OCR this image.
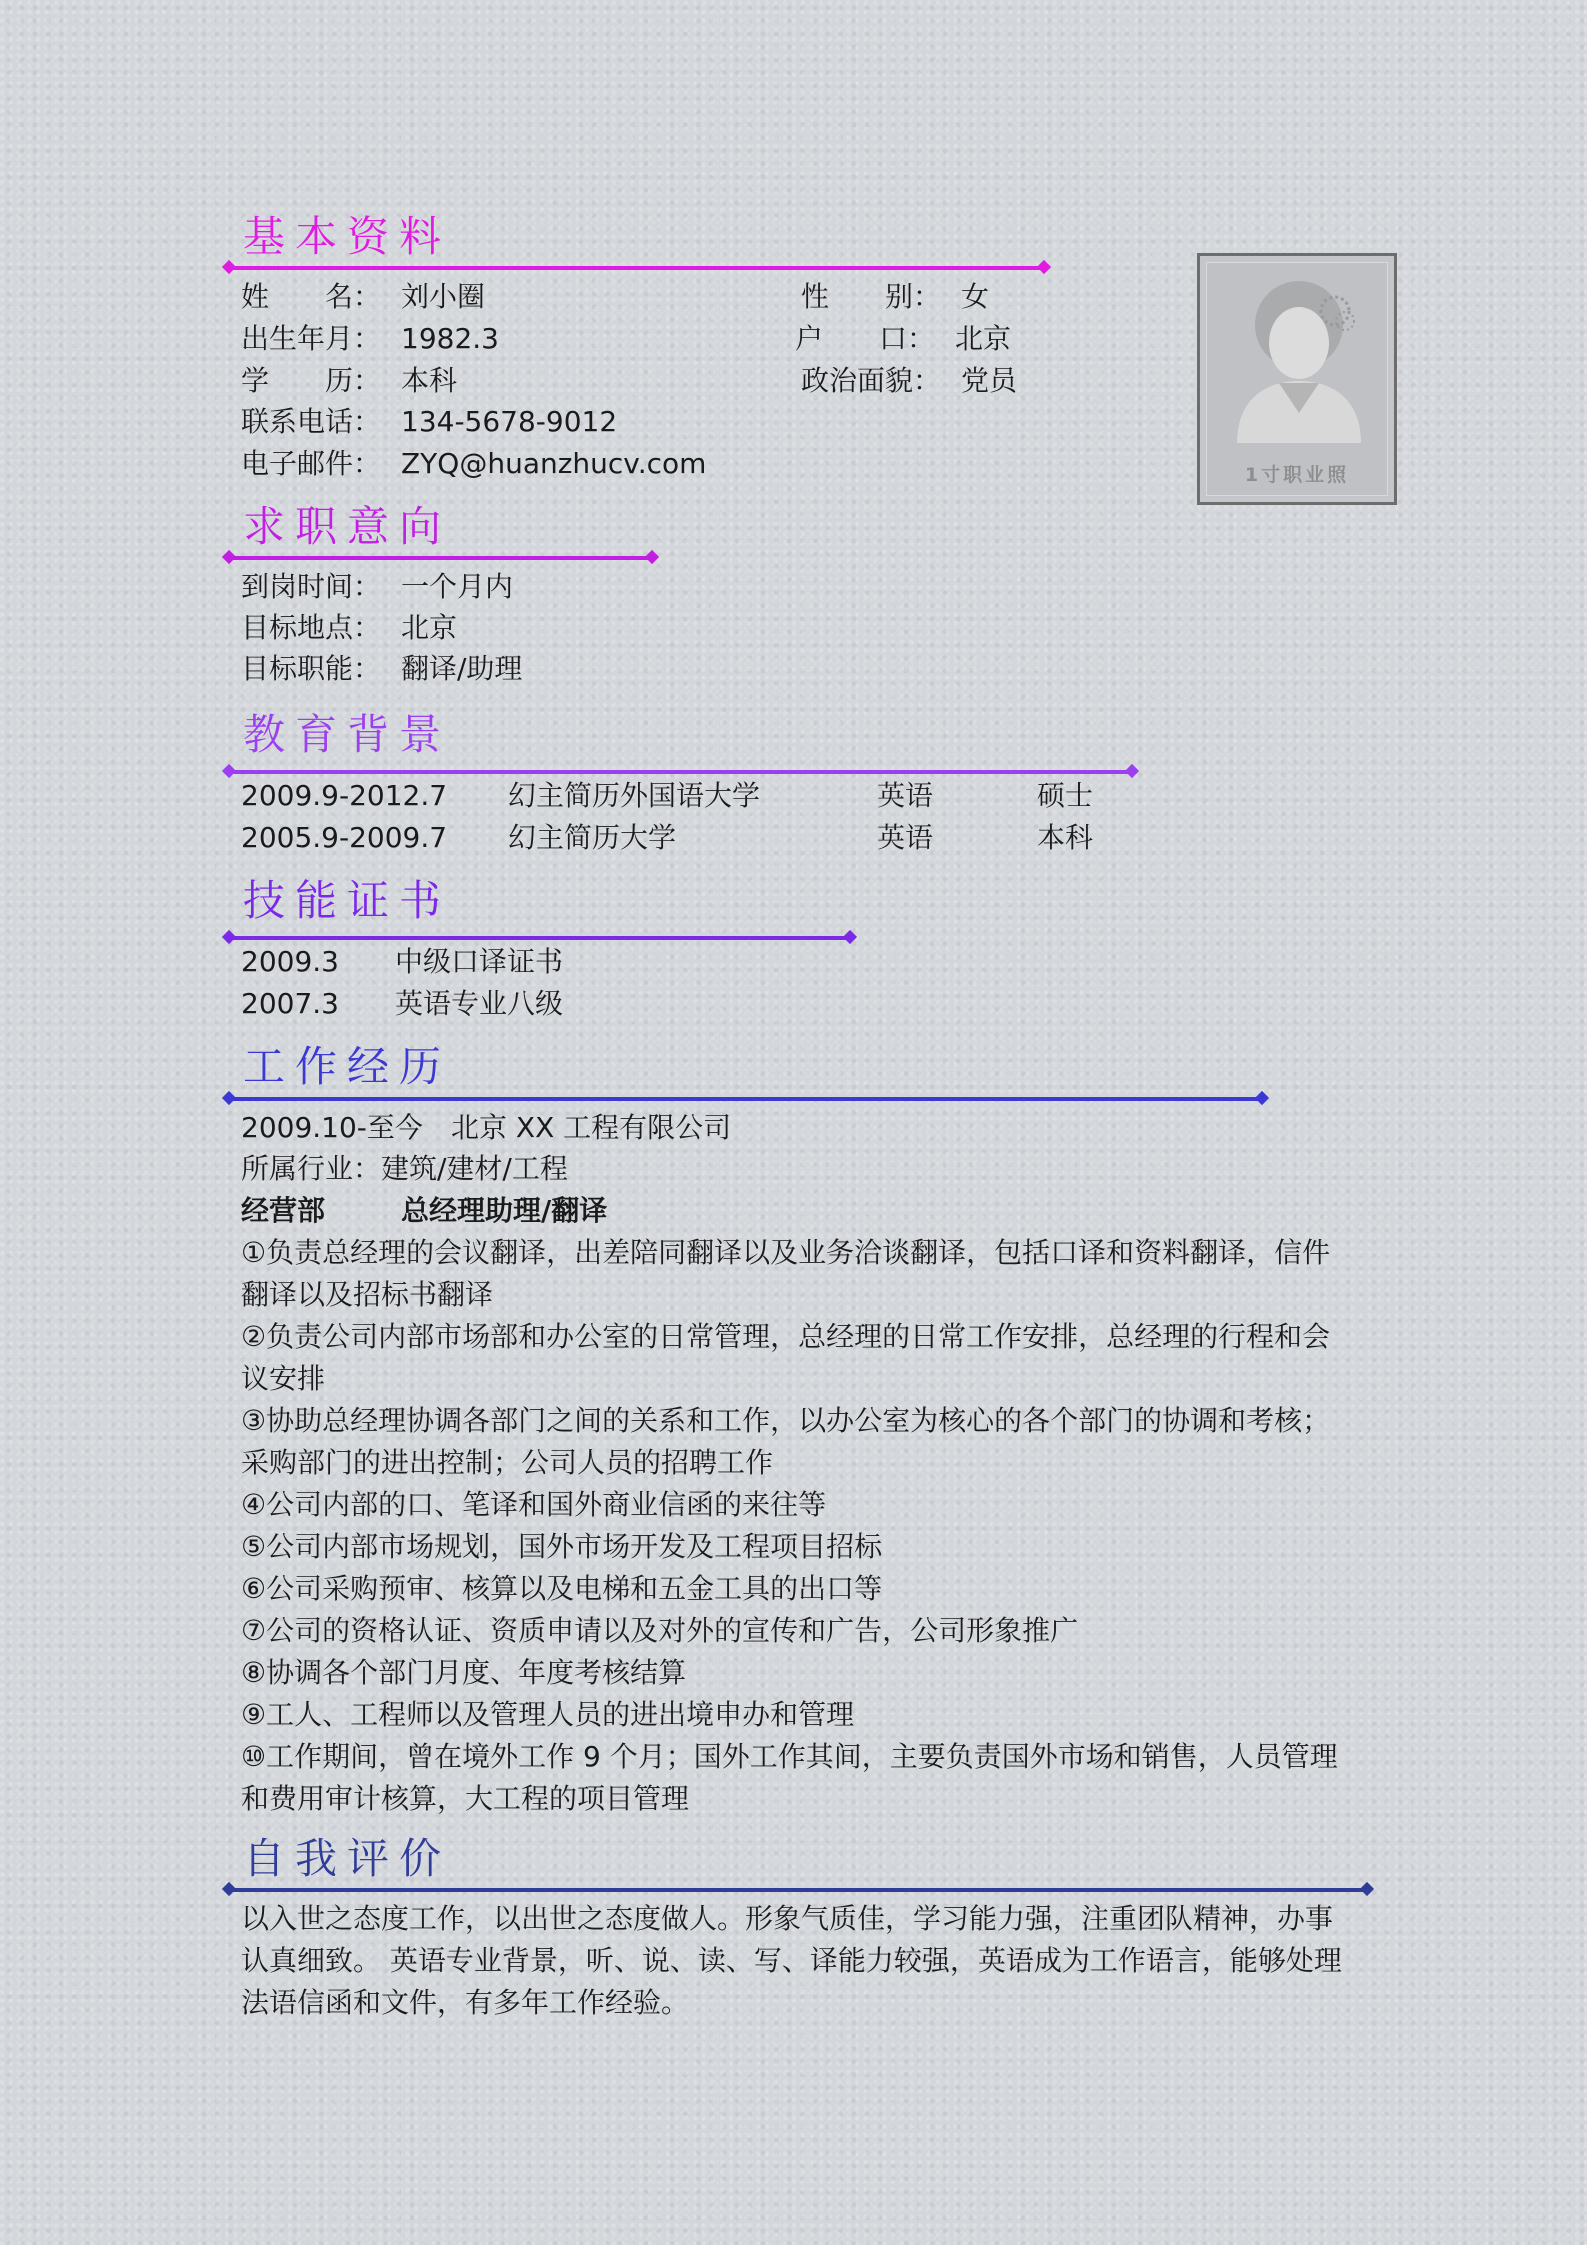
基本资料
姓　　名： 刘小圈	性　　别： 女
出生年月： 1982.3	户　　口： 北京
学　　历： 本科	政治面貌： 党员
联系电话： 134-5678-9012
电子邮件： ZYQ@huanzhucv.com	1寸职业照
求职意向
到岗时间： 一个月内
目标地点： 北京
目标职能： 翻译/助理
教育背景
2009.9-2012.7 幻主简历外国语大学	英语	硕士
2005.9-2009.7 幻主简历大学	英语	本科
技能证书
2009.3 中级口译证书
2007.3 英语专业八级
工作经历
2009.10-至今 北京 XX 工程有限公司
所属行业：建筑/建材/工程
经营部	总经理助理/翻译
①负责总经理的会议翻译，出差陪同翻译以及业务洽谈翻译，包括口译和资料翻译，信件翻译以及招标书翻译
②负责公司内部市场部和办公室的日常管理，总经理的日常工作安排，总经理的行程和会议安排
③协助总经理协调各部门之间的关系和工作，以办公室为核心的各个部门的协调和考核；采购部门的进出控制；公司人员的招聘工作
④公司内部的口、笔译和国外商业信函的来往等
⑤公司内部市场规划，国外市场开发及工程项目招标
⑥公司采购预审、核算以及电梯和五金工具的出口等
⑦公司的资格认证、资质申请以及对外的宣传和广告，公司形象推广
⑧协调各个部门月度、年度考核结算
⑨工人、工程师以及管理人员的进出境申办和管理
⑩工作期间，曾在境外工作 9 个月；国外工作其间，主要负责国外市场和销售，人员管理和费用审计核算，大工程的项目管理
自我评价
以入世之态度工作，以出世之态度做人。形象气质佳，学习能力强，注重团队精神，办事认真细致。 英语专业背景，听、说、读、写、译能力较强，英语成为工作语言，能够处理法语信函和文件，有多年工作经验。
